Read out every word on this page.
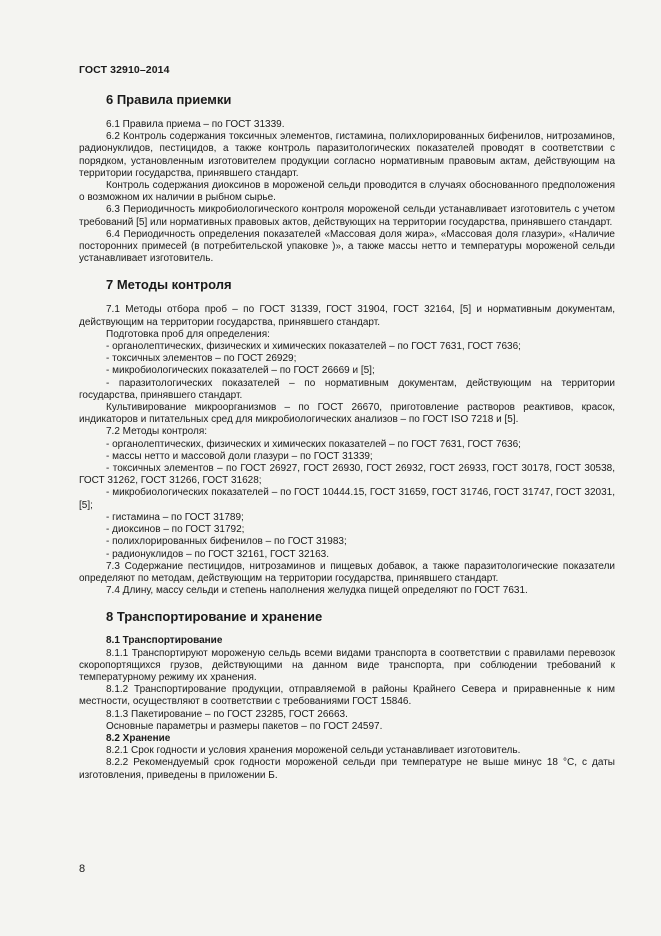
ГОСТ 32910–2014
6 Правила приемки

6.1 Правила приема – по ГОСТ 31339.

6.2 Контроль содержания токсичных элементов, гистамина, полихлорированных бифенилов, нитрозаминов, радионуклидов, пестицидов, а также контроль паразитологических показателей проводят в соответствии с порядком, установленным изготовителем продукции согласно нормативным правовым актам, действующим на территории государства, принявшего стандарт.

Контроль содержания диоксинов в мороженой сельди проводится в случаях обоснованного предположения о возможном их наличии в рыбном сырье.

6.3 Периодичность микробиологического контроля мороженой сельди устанавливает изготовитель с учетом требований [5] или нормативных правовых актов, действующих на территории государства, принявшего стандарт.

6.4 Периодичность определения показателей «Массовая доля жира», «Массовая доля глазури», «Наличие посторонних примесей (в потребительской упаковке )», а также массы нетто и температуры мороженой сельди устанавливает изготовитель.

7 Методы контроля

7.1 Методы отбора проб – по ГОСТ 31339, ГОСТ 31904, ГОСТ 32164, [5] и нормативным документам, действующим на территории государства, принявшего стандарт.

Подготовка проб для определения:

- органолептических, физических и химических показателей – по ГОСТ 7631, ГОСТ 7636;

- токсичных элементов – по ГОСТ 26929;

- микробиологических показателей – по ГОСТ 26669 и [5];

- паразитологических показателей – по нормативным документам, действующим на территории государства, принявшего стандарт.

Культивирование микроорганизмов – по ГОСТ 26670, приготовление растворов реактивов, красок, индикаторов и питательных сред для микробиологических анализов – по ГОСТ ISO 7218 и [5].

7.2 Методы контроля:

- органолептических, физических и химических показателей – по ГОСТ 7631, ГОСТ 7636;

- массы нетто и массовой доли глазури – по ГОСТ 31339;

- токсичных элементов – по ГОСТ 26927, ГОСТ 26930, ГОСТ 26932, ГОСТ 26933, ГОСТ 30178, ГОСТ 30538, ГОСТ 31262, ГОСТ 31266, ГОСТ 31628;

- микробиологических показателей – по ГОСТ 10444.15, ГОСТ 31659, ГОСТ 31746, ГОСТ 31747, ГОСТ 32031, [5];

- гистамина – по ГОСТ 31789;

- диоксинов – по ГОСТ 31792;

- полихлорированных бифенилов – по ГОСТ 31983;

- радионуклидов – по ГОСТ 32161, ГОСТ 32163.

7.3 Содержание пестицидов, нитрозаминов и пищевых добавок, а также паразитологические показатели определяют по методам, действующим на территории государства, принявшего стандарт.

7.4 Длину, массу сельди и степень наполнения желудка пищей определяют по ГОСТ 7631.

8 Транспортирование и хранение

8.1 Транспортирование

8.1.1 Транспортируют мороженую сельдь всеми видами транспорта в соответствии с правилами перевозок скоропортящихся грузов, действующими на данном виде транспорта, при соблюдении требований к температурному режиму их хранения.

8.1.2 Транспортирование продукции, отправляемой в районы Крайнего Севера и приравненные к ним местности, осуществляют в соответствии с требованиями ГОСТ 15846.

8.1.3 Пакетирование – по ГОСТ 23285, ГОСТ 26663.

Основные параметры и размеры пакетов – по ГОСТ 24597.

8.2 Хранение

8.2.1 Срок годности и условия хранения мороженой сельди устанавливает изготовитель.

8.2.2 Рекомендуемый срок годности мороженой сельди при температуре не выше минус 18 °С, с даты изготовления, приведены в приложении Б.

8
